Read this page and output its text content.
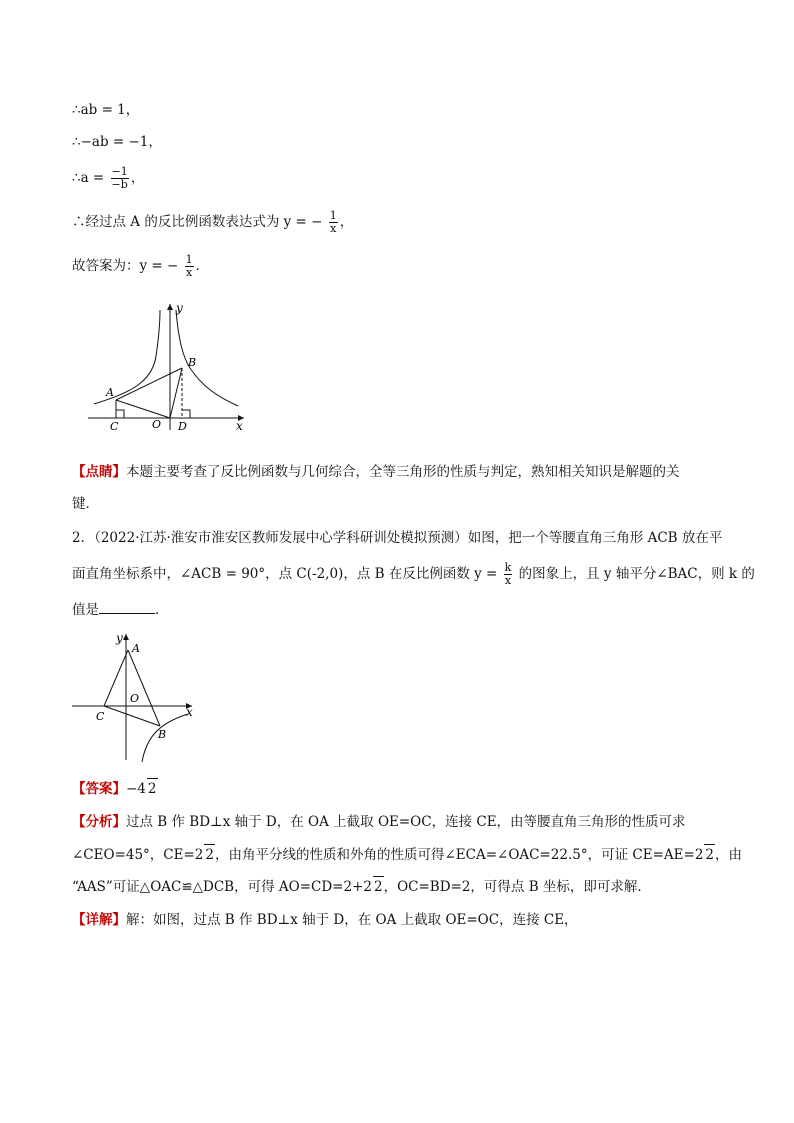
∴ab = 1，
∴−ab = −1，
∴a = $\frac{-1}{-b}$ ，
∴经过点 A 的反比例函数表达式为 y = − $\frac{1}{x}$ ，
故答案为：y = − $\frac{1}{x}$ ．
y
x
A
B
C	O D
【点睛】本题主要考查了反比例函数与几何综合，全等三角形的性质与判定，熟知相关知识是解题的关
键．
2．（2022·江苏·淮安市淮安区教师发展中心学科研训处模拟预测）如图，把一个等腰直角三角形 ACB 放在平
面直角坐标系中，∠ACB = 90°，点 C(-2,0)，点 B 在反比例函数 $y = \frac{k}{x}$ 的图象上，且 y 轴平分∠BAC，则 k 的
值是	．
y
x
A
O
C
B
【答案】−4 2
【分析】过点 B 作 BD⊥x 轴于 D，在 OA 上截取 OE=OC，连接 CE，由等腰直角三角形的性质可求
∠CEO=45°，CE=2 2，由角平分线的性质和外角的性质可得∠ECA=∠OAC=22.5°，可证 CE=AE=2 2，由
“AAS”可证△OAC≌△DCB，可得 AO=CD=2+2 2，OC=BD=2，可得点 B 坐标，即可求解．
【详解】解：如图，过点 B 作 BD⊥x 轴于 D，在 OA 上截取 OE=OC，连接 CE，
